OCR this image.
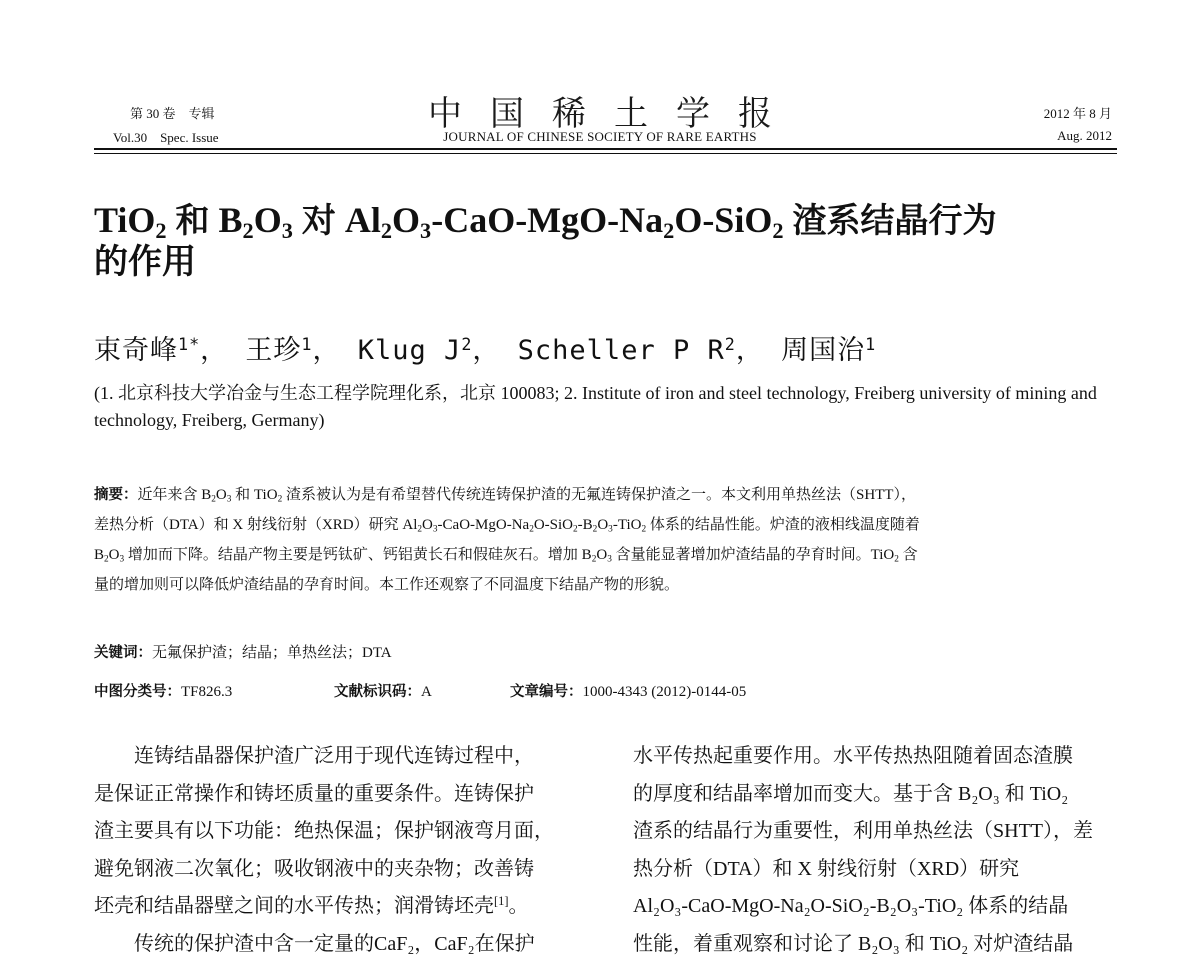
第 30 卷　专辑
Vol.30　Spec. Issue
中国稀土学报
JOURNAL OF CHINESE SOCIETY OF RARE EARTHS
2012 年 8 月
Aug. 2012
TiO$_2$ 和 $B_2O_3$ 对 $Al_2O_3-CaO-MgO-Na_2O-SiO_2$ 渣系结晶行为
的作用
束奇峰$^{1*}$， 王珍$^1$， Klug $J^2$， Scheller P $R^2$， 周国治$^1$
(1. 北京科技大学冶金与生态工程学院理化系，北京 100083; 2. Institute of iron and steel technology, Freiberg university of mining and technology, Freiberg, Germany)
摘要：近年来含 $B_2O_3$ 和 TiO$_2$ 渣系被认为是有希望替代传统连铸保护渣的无氟连铸保护渣之一。本文利用单热丝法（SHTT），
差热分析（DTA）和 X 射线衍射（XRD）研究 $Al_2O_3-CaO-MgO-Na_2O-SiO_2-B_2O_3-TiO_2$ 体系的结晶性能。炉渣的液相线温度随着
$B_2O_3$ 增加而下降。结晶产物主要是钙钛矿、钙铝黄长石和假硅灰石。增加 $B_2O_3$ 含量能显著增加炉渣结晶的孕育时间。TiO$_2$ 含
量的增加则可以降低炉渣结晶的孕育时间。本工作还观察了不同温度下结晶产物的形貌。
关键词：无氟保护渣；结晶；单热丝法；DTA
中图分类号：TF826.3	文献标识码：A	文章编号：1000-4343 (2012)-0144-05
连铸结晶器保护渣广泛用于现代连铸过程中，
是保证正常操作和铸坯质量的重要条件。连铸保护
渣主要具有以下功能：绝热保温；保护钢液弯月面，
避免钢液二次氧化；吸收钢液中的夹杂物；改善铸
坯壳和结晶器壁之间的水平传热；润滑铸坯壳[1]。
传统的保护渣中含一定量的CaF₂，CaF₂在保护
水平传热起重要作用。水平传热热阻随着固态渣膜
的厚度和结晶率增加而变大。基于含 B₂O₃ 和 TiO₂
渣系的结晶行为重要性，利用单热丝法（SHTT），差
热分析（DTA）和 X 射线衍射（XRD）研究
Al₂O₃-CaO-MgO-Na₂O-SiO₂-B₂O₃-TiO₂ 体系的结晶
性能，着重观察和讨论了 B₂O₃ 和 TiO₂ 对炉渣结晶
